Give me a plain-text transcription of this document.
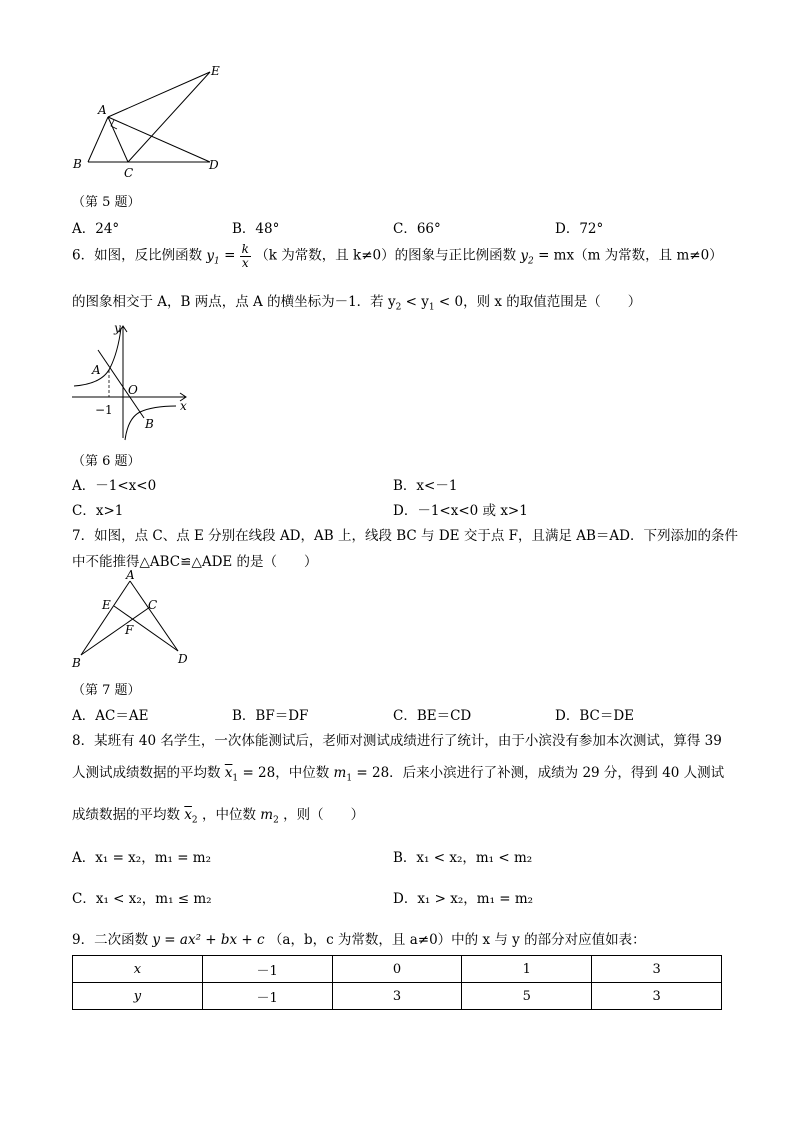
E
A
B
C
D
（第 5 题）
A．24°	B．48°	C．66°	D．72°
6．如图，反比例函数 $y_1 = \frac{k}{x} (k$ 为常数，且 k≠0）的图象与正比例函数 $y_2 = mx(m$ 为常数，且 m≠0）
的图象相交于 A，B 两点，点 A 的横坐标为－1．若 $y_2 < y_1 < 0$，则 x 的取值范围是（　　）
y
A
O
x
−1
B
（第 6 题）
A．－1<x<0	B．x<－1
C．x>1	D．－1<x<0 或 x>1
7．如图，点 C、点 E 分别在线段 AD，AB 上，线段 BC 与 DE 交于点 F，且满足 AB＝AD．下列添加的条件
中不能推得△ABC≌△ADE 的是（　　）
A
E	C
F
B	D
（第 7 题）
A．AC＝AE	B．BF＝DF	C．BE＝CD	D．BC＝DE
8．某班有 40 名学生，一次体能测试后，老师对测试成绩进行了统计，由于小滨没有参加本次测试，算得 39
人测试成绩数据的平均数 $\overline{x}_1 = 28$，中位数 $m_1 = 28$．后来小滨进行了补测，成绩为 29 分，得到 40 人测试
成绩数据的平均数 $\overline{x}_2$ ，中位数 $m_2$ ，则（　　）
A．x₁ = x₂，m₁ = m₂	B．x₁ < x₂，m₁ < m₂
C．x₁ < x₂，m₁ ≤ m₂	D．x₁ > x₂，m₁ = m₂
9．二次函数 y = ax² + bx + c （a，b，c 为常数，且 a≠0）中的 x 与 y 的部分对应值如表：
x	－1	0	1	3
y	－1	3	5	3
